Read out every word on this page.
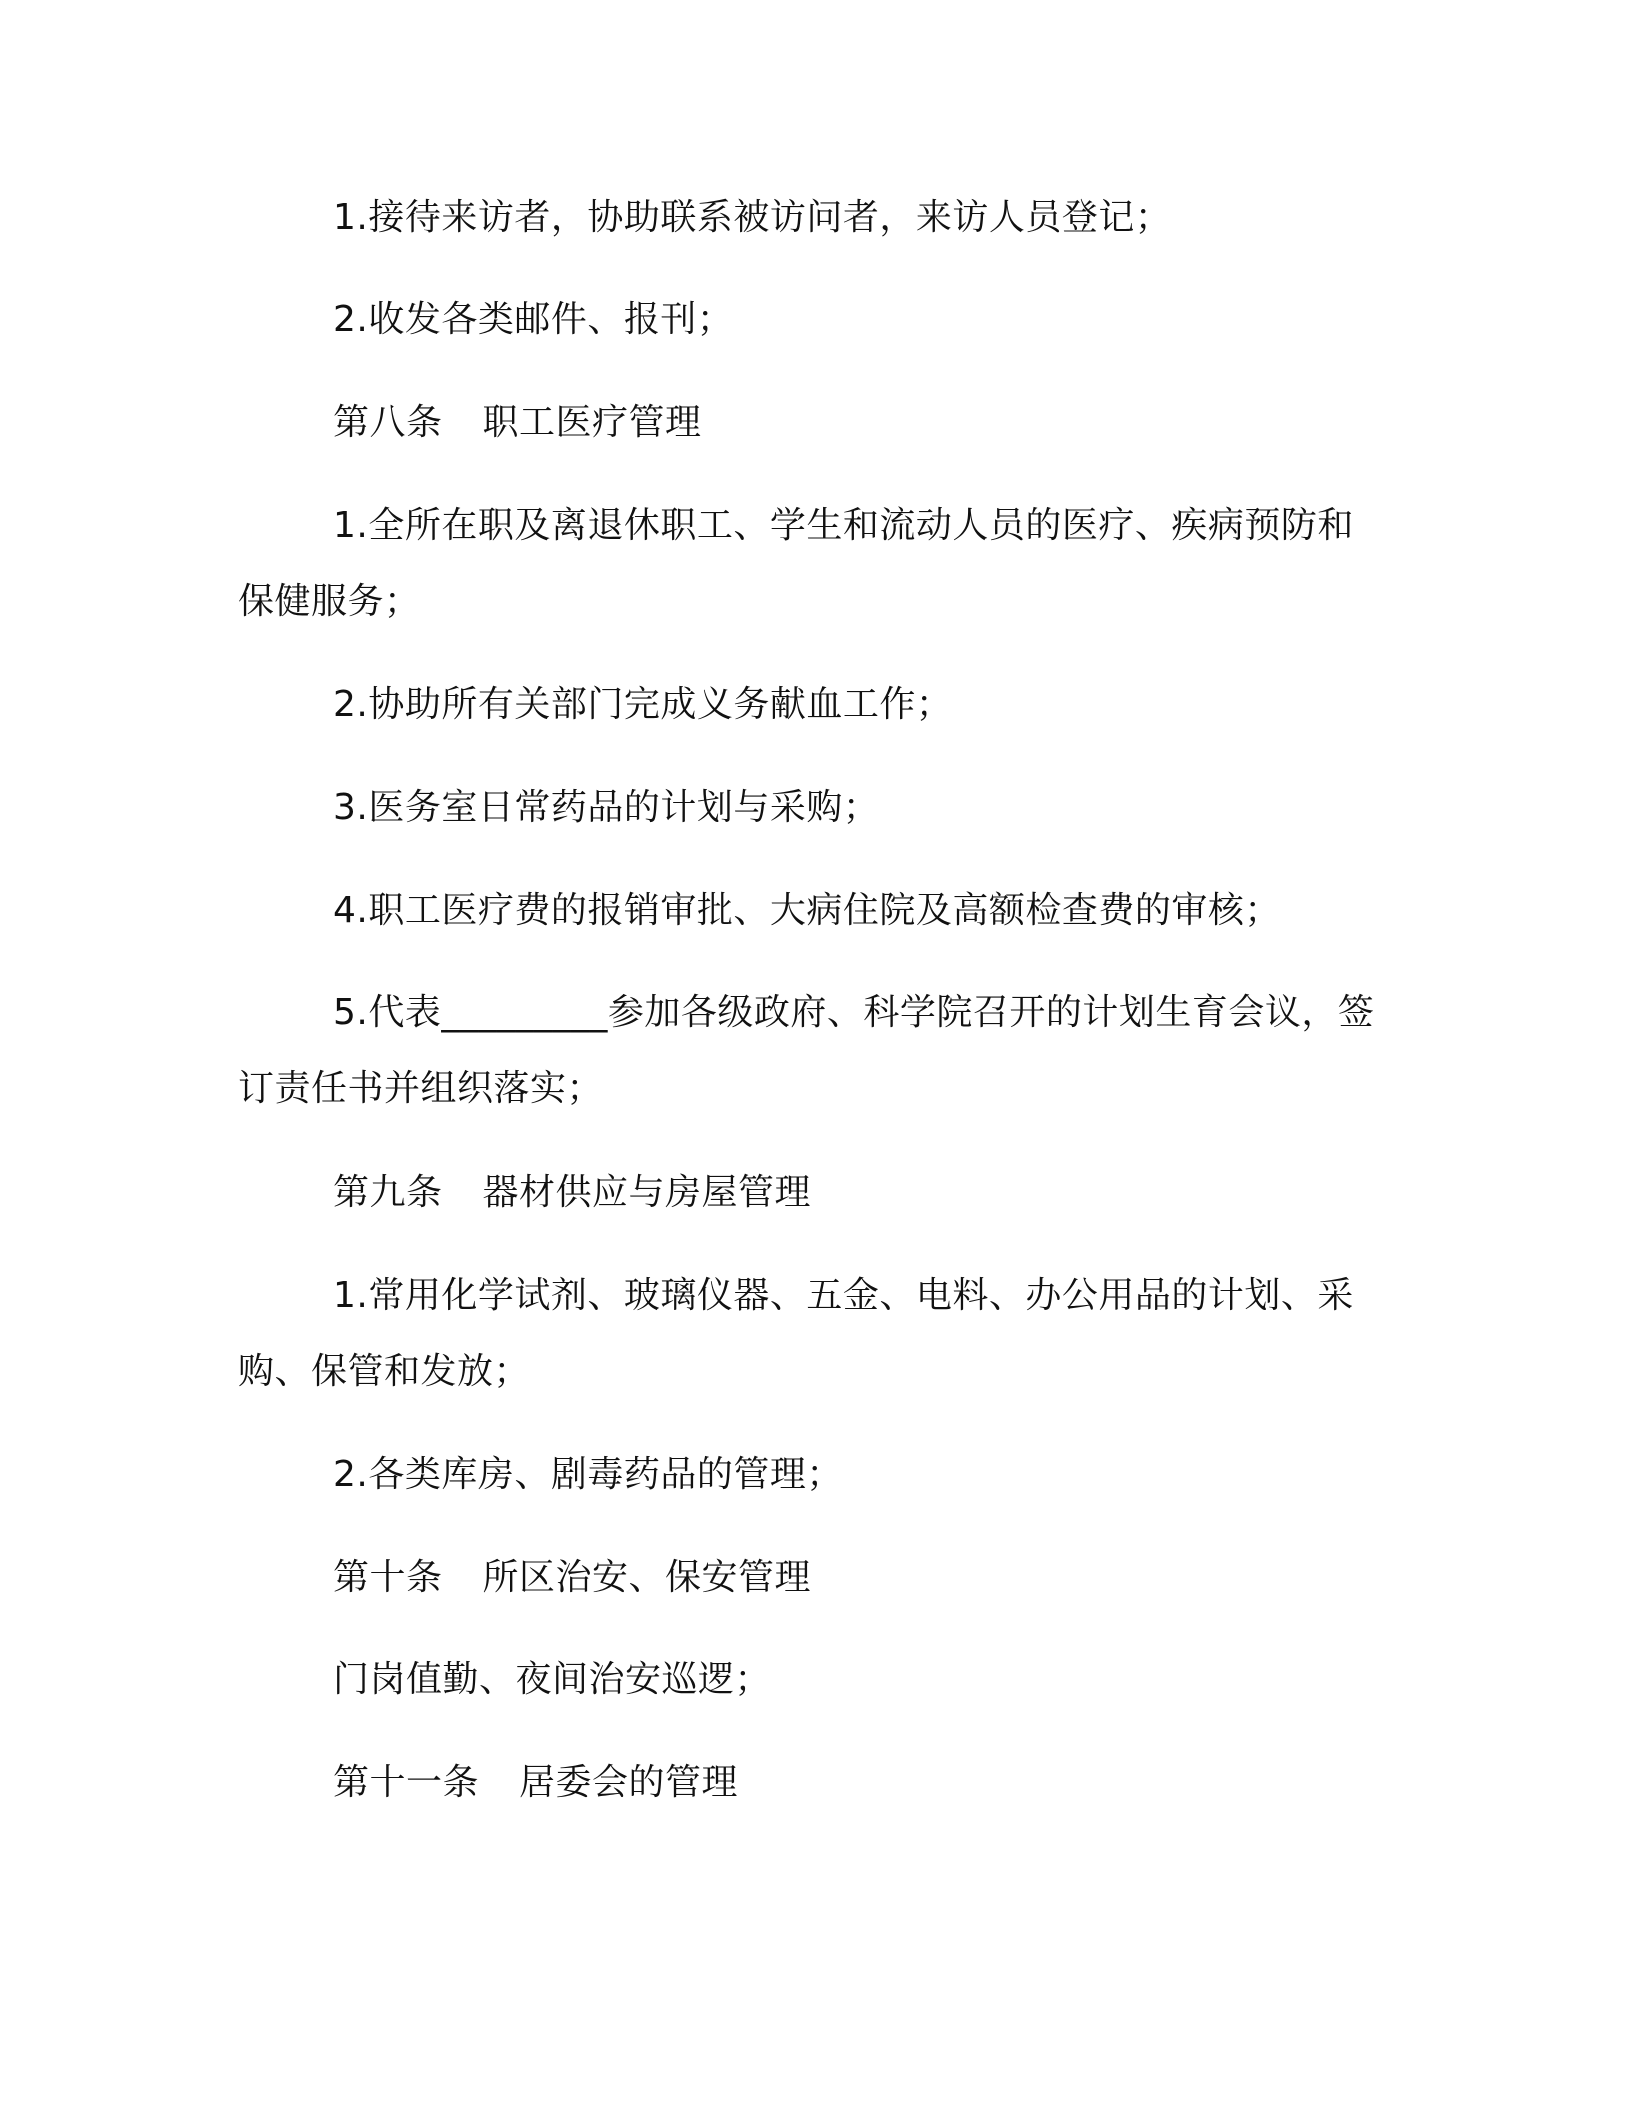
1.接待来访者，协助联系被访问者，来访人员登记；

2.收发各类邮件、报刊；

第八条 职工医疗管理

1.全所在职及离退休职工、学生和流动人员的医疗、疾病预防和保健服务；

2.协助所有关部门完成义务献血工作；

3.医务室日常药品的计划与采购；

4.职工医疗费的报销审批、大病住院及高额检查费的审核；

5.代表_________参加各级政府、科学院召开的计划生育会议，签订责任书并组织落实；

第九条 器材供应与房屋管理

1.常用化学试剂、玻璃仪器、五金、电料、办公用品的计划、采购、保管和发放；

2.各类库房、剧毒药品的管理；

第十条 所区治安、保安管理

门岗值勤、夜间治安巡逻；

第十一条 居委会的管理
